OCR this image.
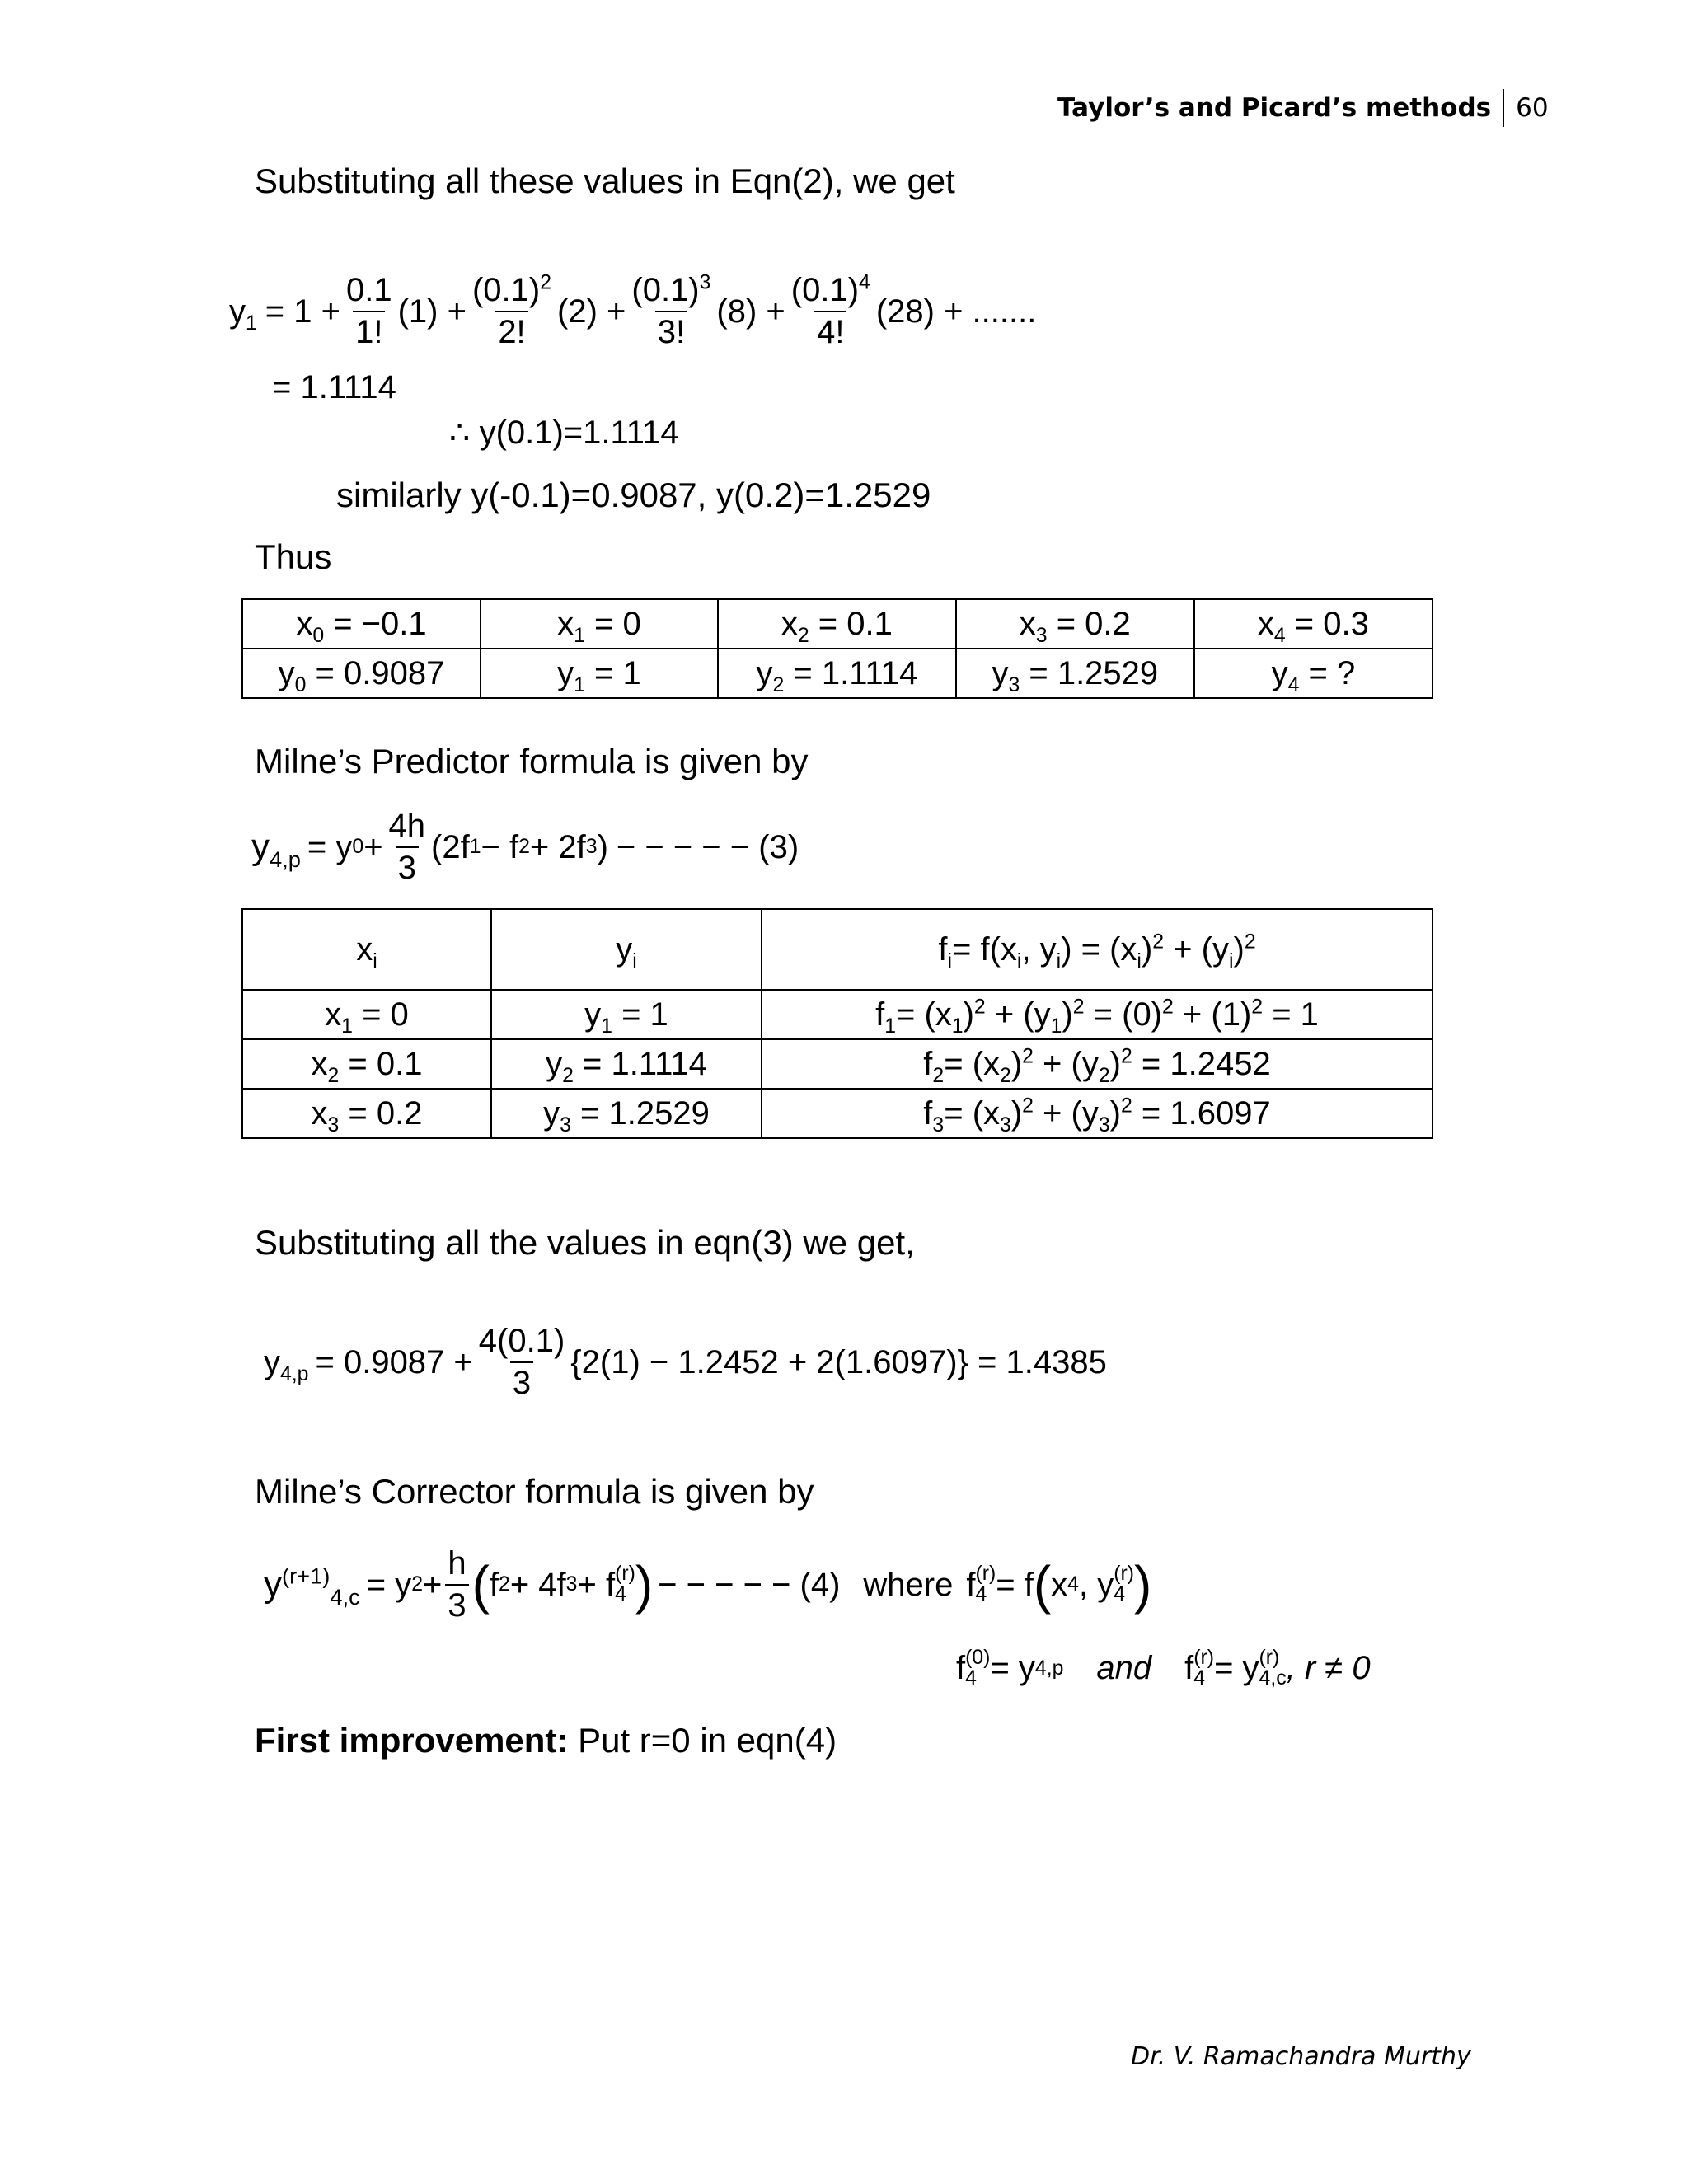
Taylor’s and Picard’s methods 60
Substituting all these values in Eqn(2), we get
$y_1 = 1 + \frac{0.1}{1!} (1) + \frac{(0.1)^2}{2!} (2) + \frac{(0.1)^3}{3!} (8) + \frac{(0.1)^4}{4!} (28)$ + .......
= 1.1114
∴ y(0.1)=1.1114
similarly y(-0.1)=0.9087, y(0.2)=1.2529
Thus
$x_0 = -0.1$	$x_1 = 0$	$x_2 = 0.1$	$x_3 = 0.2$	$x_4 = 0.3$
$y_0 = 0.9087$	$y_1 = 1$	$y_2 = 1.1114$	$y_3 = 1.2529$	$y_4$ = ?
Milne’s Predictor formula is given by
$y_{4,p} = y$ $0 + \frac{4h}{3} (2f$ 1 − f 2 + 2f 3 ) − − − − − (3)
$x_i$	$y_i$	$f_i= f(x_i$, $y_i) = (x_i)^2 + (y_i)^2$
$x_1 = 0$	$y_1 = 1$	$f_1= (x_1)^2 + (y_1)^2 = (0)^2 + (1)^2 = 1$
$x_2 = 0.1$	$y_2 = 1.1114$	$f_2= (x_2)^2 + (y_2)^2 = 1.2452$
$x_3 = 0.2$	$y_3 = 1.2529$	$f_3= (x_3)^2 + (y_3)^2 = 1.6097$
Substituting all the values in eqn(3) we get,
$y_{4,p} = 0.9087 + \frac{4(0.1)}{3} \{2(1) - 1.2452 + 2(1.6097)\} = 1.4385$
Milne’s Corrector formula is given by
$y^{(r+1)}_{4,c} = y$ $2 + \frac{h}{3}$ ( f 2 + 4f 3 + f (r)
4 ) − − − − − (4) where f (r)
4 = f ( x 4 , y (r)
4 )
f (0)
4 = y 4,p and f (r)
4 = y (r)
4,c , r ≠ 0
First improvement: Put r=0 in eqn(4)
Dr. V. Ramachandra Murthy
